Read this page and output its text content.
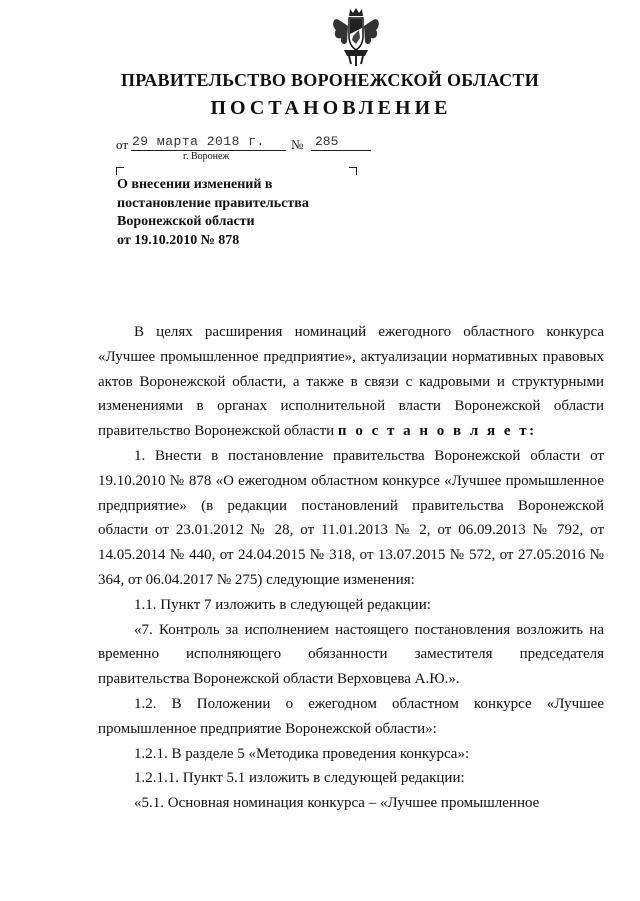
ПРАВИТЕЛЬСТВО ВОРОНЕЖСКОЙ ОБЛАСТИ
ПОСТАНОВЛЕНИЕ
от 29 марта 2018 г. № 285
г. Воронеж
О внесении изменений в
постановление правительства
Воронежской области
от 19.10.2010 № 878

В целях расширения номинаций ежегодного областного конкурса «Лучшее промышленное предприятие», актуализации нормативных правовых актов Воронежской области, а также в связи с кадровыми и структурными изменениями в органах исполнительной власти Воронежской области правительство Воронежской области п о с т а н о в л я е т:

1. Внести в постановление правительства Воронежской области от 19.10.2010 № 878 «О ежегодном областном конкурсе «Лучшее промышленное предприятие» (в редакции постановлений правительства Воронежской области от 23.01.2012 № 28, от 11.01.2013 № 2, от 06.09.2013 № 792, от 14.05.2014 № 440, от 24.04.2015 № 318, от 13.07.2015 № 572, от 27.05.2016 № 364, от 06.04.2017 № 275) следующие изменения:

1.1. Пункт 7 изложить в следующей редакции:

«7. Контроль за исполнением настоящего постановления возложить на временно исполняющего обязанности заместителя председателя правительства Воронежской области Верховцева А.Ю.».

1.2. В Положении о ежегодном областном конкурсе «Лучшее промышленное предприятие Воронежской области»:

1.2.1. В разделе 5 «Методика проведения конкурса»:

1.2.1.1. Пункт 5.1 изложить в следующей редакции:

«5.1. Основная номинация конкурса – «Лучшее промышленное
